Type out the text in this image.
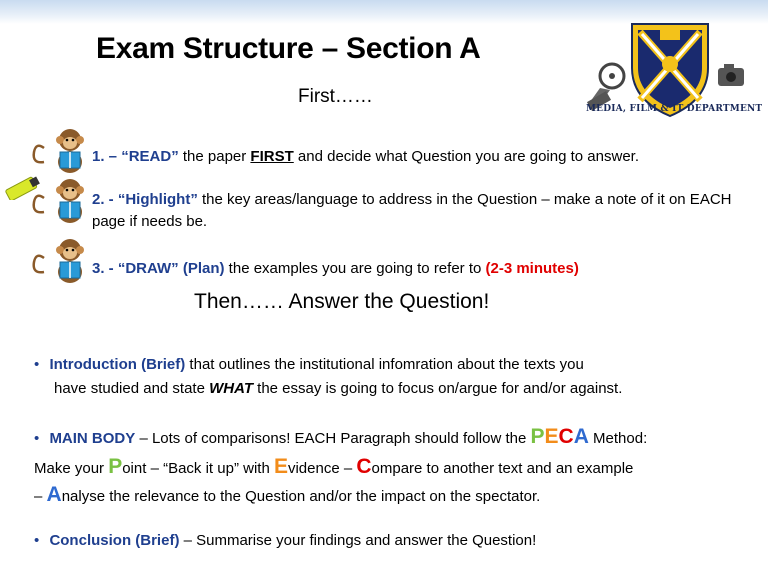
Exam Structure – Section A
First……
MEDIA, FILM & IT DEPARTMENT
1. – “READ” the paper FIRST and decide what Question you are going to answer.
2. - “Highlight” the key areas/language to address in the Question – make a note of it on EACH page if needs be.
3. - “DRAW” (Plan) the examples you are going to refer to (2-3 minutes)
Then…… Answer the Question!
• Introduction (Brief) that outlines the institutional infomration about the texts you
have studied and state WHAT the essay is going to focus on/argue for and/or against.
• MAIN BODY – Lots of comparisons! EACH Paragraph should follow the PECA Method:
Make your Point – “Back it up” with Evidence – Compare to another text and an example
– Analyse the relevance to the Question and/or the impact on the spectator.
• Conclusion (Brief) – Summarise your findings and answer the Question!
